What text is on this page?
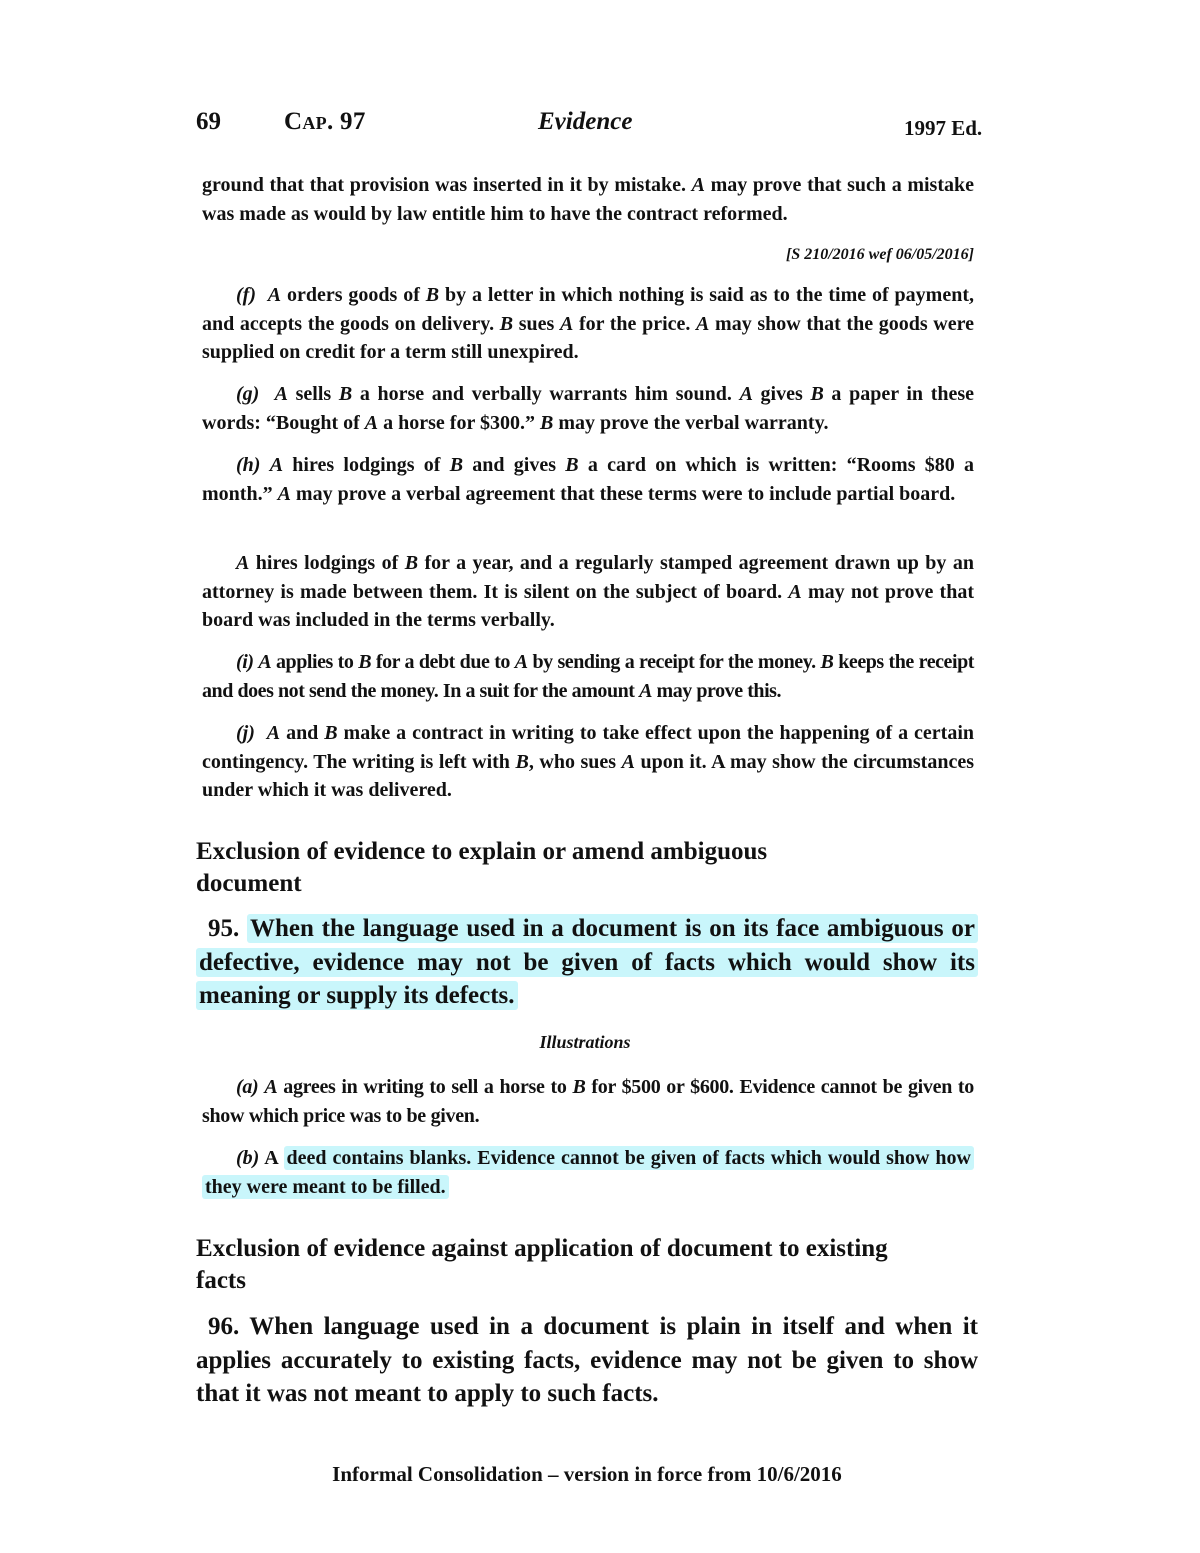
69	Cap. 97	Evidence	1997 Ed.
ground that that provision was inserted in it by mistake. A may prove that such a mistake was made as would by law entitle him to have the contract reformed.
[S 210/2016 wef 06/05/2016]
(f) A orders goods of B by a letter in which nothing is said as to the time of payment, and accepts the goods on delivery. B sues A for the price. A may show that the goods were supplied on credit for a term still unexpired.
(g) A sells B a horse and verbally warrants him sound. A gives B a paper in these words: “Bought of A a horse for $300.” B may prove the verbal warranty.
(h) A hires lodgings of B and gives B a card on which is written: “Rooms $80 a month.” A may prove a verbal agreement that these terms were to include partial board.
A hires lodgings of B for a year, and a regularly stamped agreement drawn up by an attorney is made between them. It is silent on the subject of board. A may not prove that board was included in the terms verbally.
(i) A applies to B for a debt due to A by sending a receipt for the money. B keeps the receipt and does not send the money. In a suit for the amount A may prove this.
(j) A and B make a contract in writing to take effect upon the happening of a certain contingency. The writing is left with B, who sues A upon it. A may show the circumstances under which it was delivered.
Exclusion of evidence to explain or amend ambiguous document
95. When the language used in a document is on its face ambiguous or defective, evidence may not be given of facts which would show its meaning or supply its defects.
Illustrations
(a) A agrees in writing to sell a horse to B for $500 or $600. Evidence cannot be given to show which price was to be given.
(b) A deed contains blanks. Evidence cannot be given of facts which would show how they were meant to be filled.
Exclusion of evidence against application of document to existing facts
96. When language used in a document is plain in itself and when it applies accurately to existing facts, evidence may not be given to show that it was not meant to apply to such facts.
Informal Consolidation – version in force from 10/6/2016
